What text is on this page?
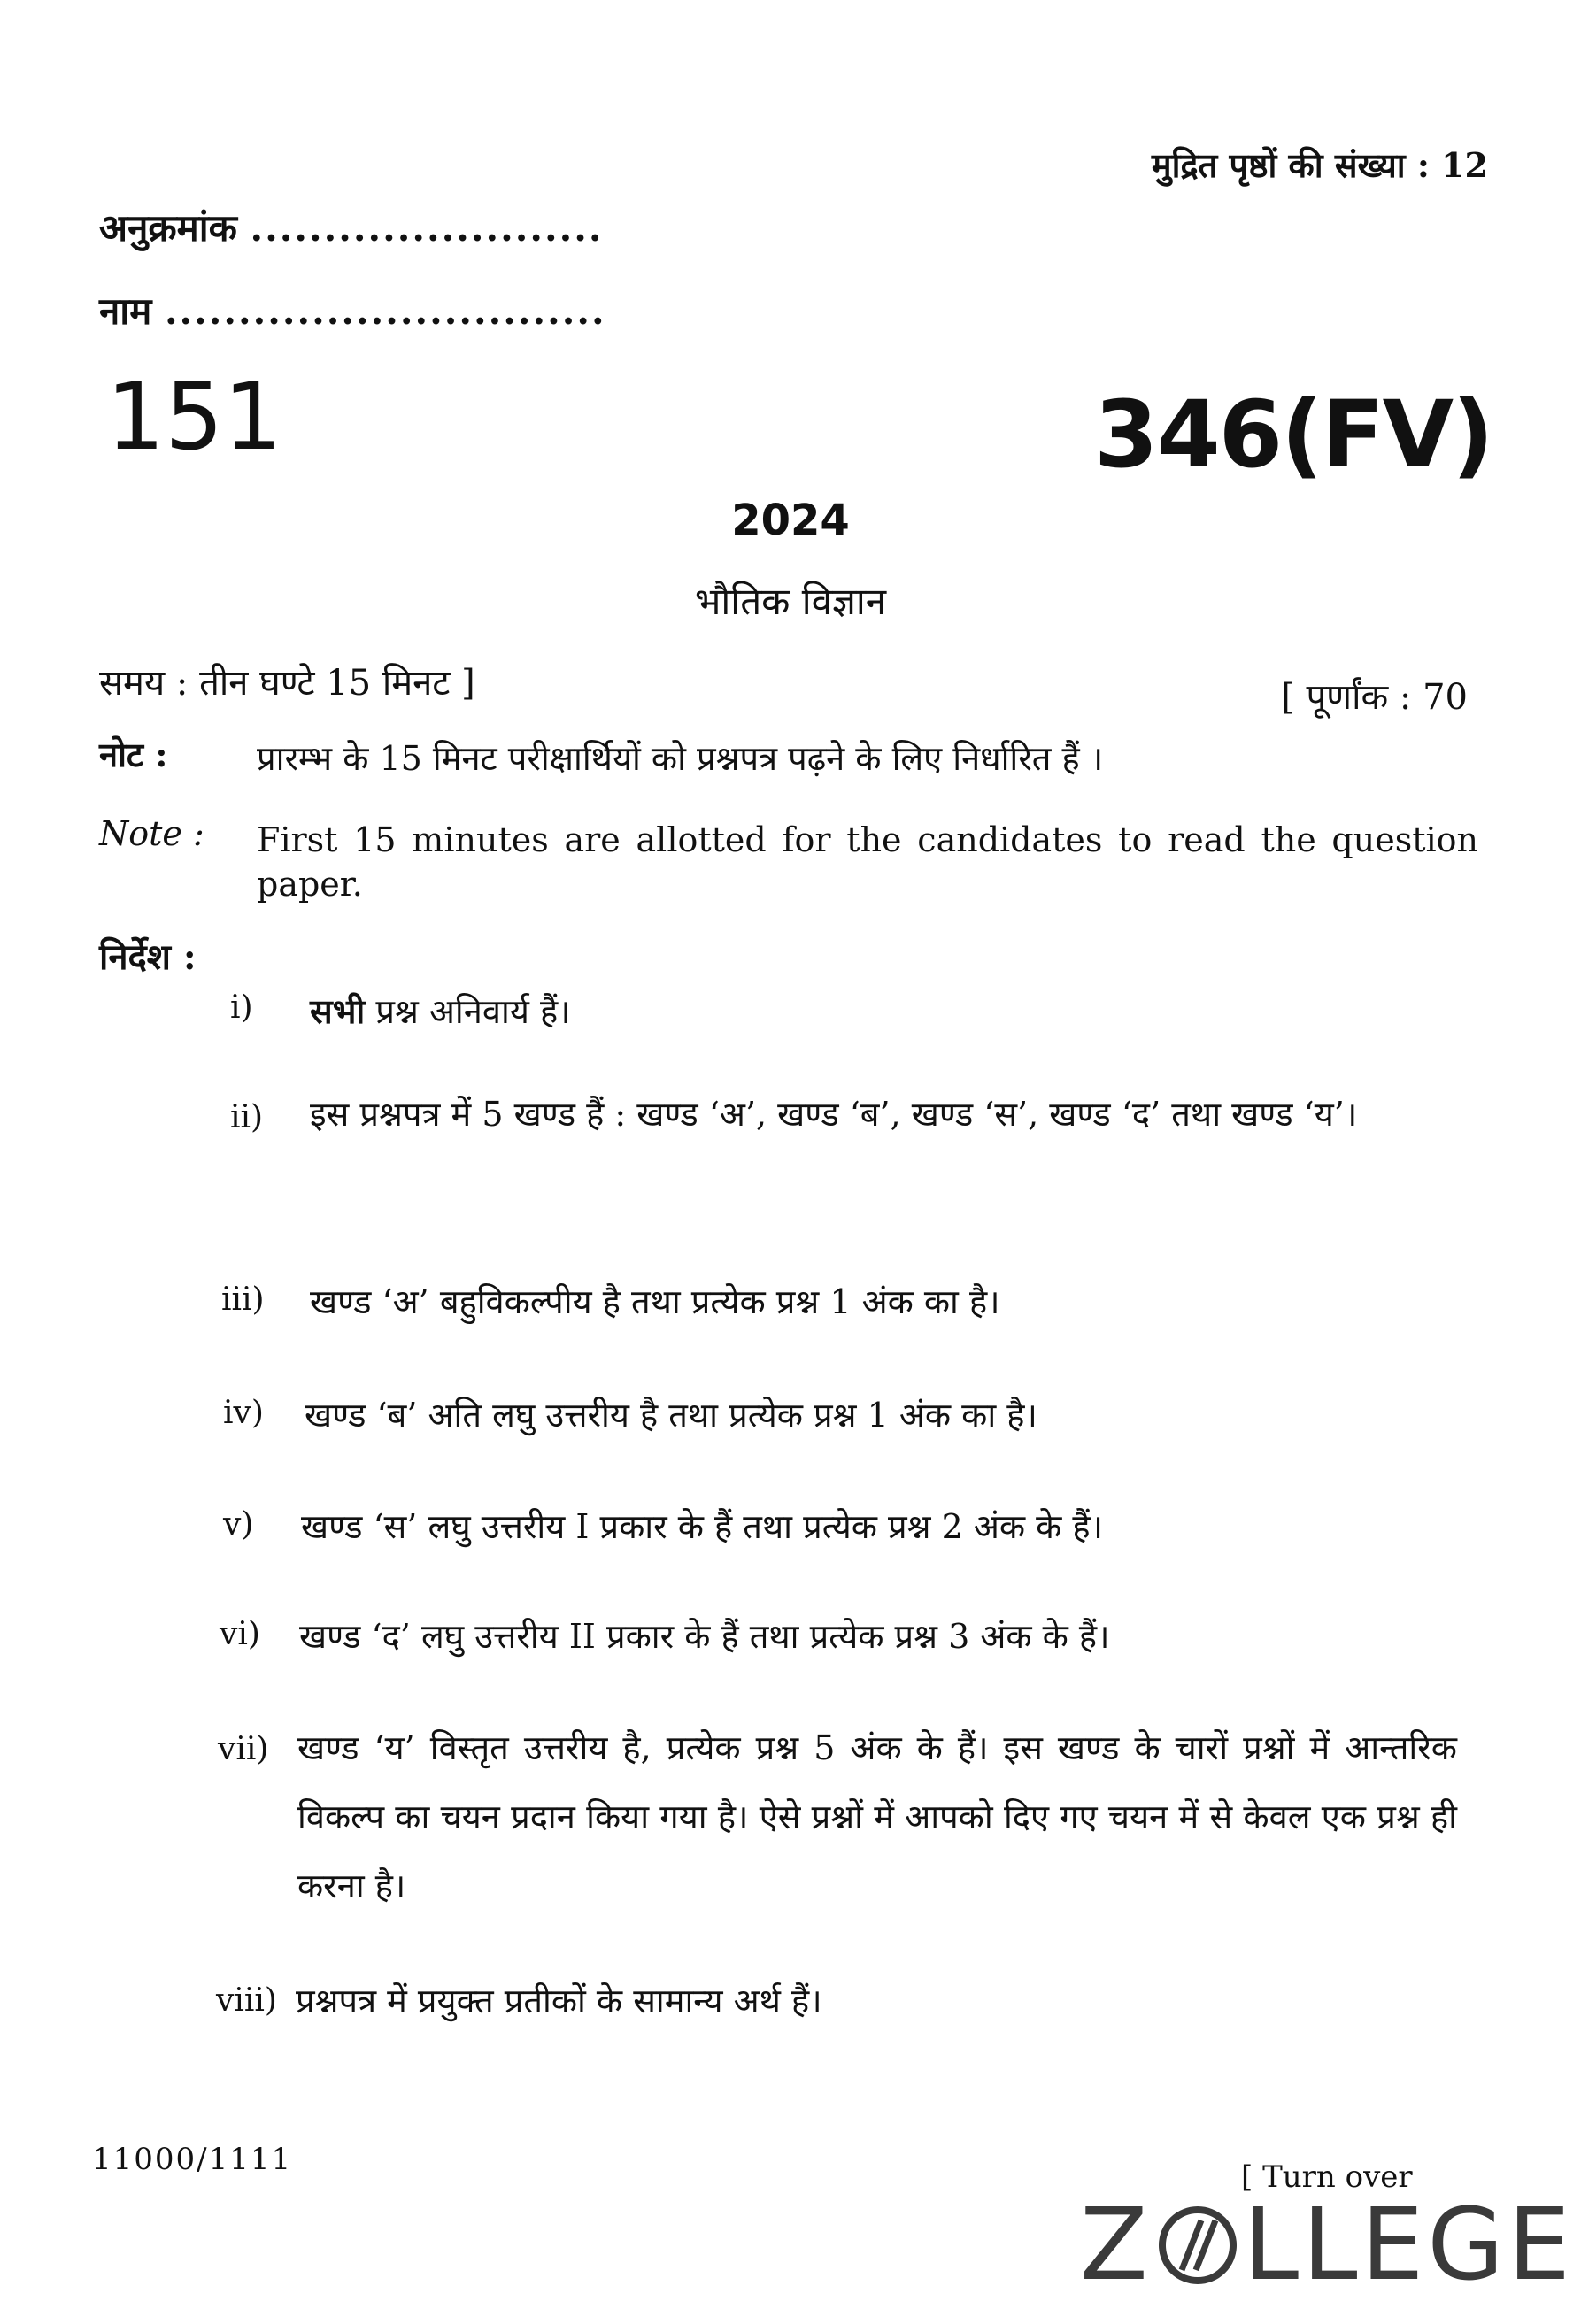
मुद्रित पृष्ठों की संख्या : 12
अनुक्रमांक ........................
नाम ..............................
151	346(FV)
2024
भौतिक विज्ञान
समय : तीन घण्टे 15 मिनट ]	[ पूर्णांक : 70
नोट :	प्रारम्भ के 15 मिनट परीक्षार्थियों को प्रश्नपत्र पढ़ने के लिए निर्धारित हैं ।
Note : First 15 minutes are allotted for the candidates to read the question paper.
निर्देश :
i) सभी प्रश्न अनिवार्य हैं।
ii) इस प्रश्नपत्र में 5 खण्ड हैं : खण्ड ‘अ’, खण्ड ‘ब’, खण्ड ‘स’, खण्ड ‘द’ तथा खण्ड ‘य’।
iii) खण्ड ‘अ’ बहुविकल्पीय है तथा प्रत्येक प्रश्न 1 अंक का है।
iv) खण्ड ‘ब’ अति लघु उत्तरीय है तथा प्रत्येक प्रश्न 1 अंक का है।
v) खण्ड ‘स’ लघु उत्तरीय I प्रकार के हैं तथा प्रत्येक प्रश्न 2 अंक के हैं।
vi) खण्ड ‘द’ लघु उत्तरीय II प्रकार के हैं तथा प्रत्येक प्रश्न 3 अंक के हैं।
vii) खण्ड ‘य’ विस्तृत उत्तरीय है, प्रत्येक प्रश्न 5 अंक के हैं। इस खण्ड के चारों प्रश्नों में आन्तरिक विकल्प का चयन प्रदान किया गया है। ऐसे प्रश्नों में आपको दिए गए चयन में से केवल एक प्रश्न ही करना है।
viii) प्रश्नपत्र में प्रयुक्त प्रतीकों के सामान्य अर्थ हैं।
11000/1111	[ Turn over
Z LLEGE
